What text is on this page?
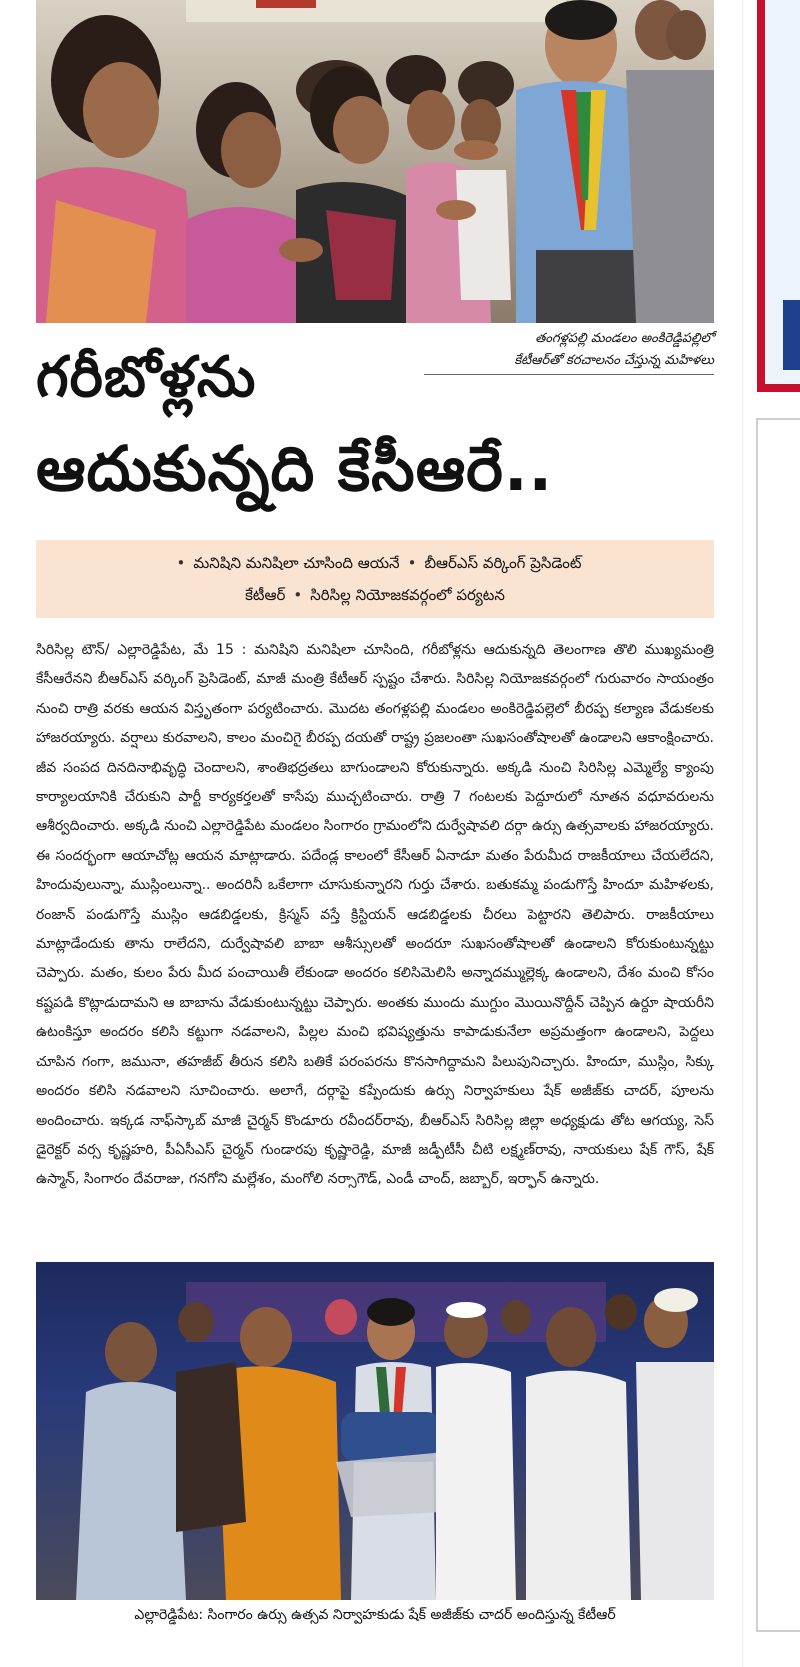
తంగళ్లపల్లి మండలం అంకిరెడ్డిపల్లిలో
కేటీఆర్‌తో కరచాలనం చేస్తున్న మహిళలు
గరీబోళ్లను
ఆదుకున్నది కేసీఆరే..
• మనిషిని మనిషిలా చూసింది ఆయనే • బీఆర్‌ఎస్‌ వర్కింగ్‌ ప్రెసిడెంట్‌
కేటీఆర్‌ • సిరిసిల్ల నియోజకవర్గంలో పర్యటన
సిరిసిల్ల టౌన్‌/ ఎల్లారెడ్డిపేట, మే 15 : మనిషిని మనిషిలా చూసింది, గరీబోళ్లను ఆదుకున్నది తెలంగాణ తొలి ముఖ్యమంత్రి కేసీఆరేనని బీఆర్‌ఎస్‌ వర్కింగ్‌ ప్రెసిడెంట్‌, మాజీ మంత్రి కేటీఆర్‌ స్పష్టం చేశారు. సిరిసిల్ల నియోజకవర్గంలో గురువారం సాయంత్రం నుంచి రాత్రి వరకు ఆయన విస్తృతంగా పర్యటించారు. మొదట తంగళ్లపల్లి మండలం అంకిరెడ్డిపల్లెలో బీరప్ప కల్యాణ వేడుకలకు హాజరయ్యారు. వర్షాలు కురవాలని, కాలం మంచిగై బీరప్ప దయతో రాష్ట్ర ప్రజలంతా సుఖసంతోషాలతో ఉండాలని ఆకాంక్షించారు. జీవ సంపద దినదినాభివృద్ధి చెందాలని, శాంతిభద్రతలు బాగుండాలని కోరుకున్నారు. అక్కడి నుంచి సిరిసిల్ల ఎమ్మెల్యే క్యాంపు కార్యాలయానికి చేరుకుని పార్టీ కార్యకర్తలతో కాసేపు ముచ్చటించారు. రాత్రి 7 గంటలకు పెద్దూరులో నూతన వధూవరులను ఆశీర్వదించారు. అక్కడి నుంచి ఎల్లారెడ్డిపేట మండలం సింగారం గ్రామంలోని దుర్వేషావలి దర్గా ఉర్సు ఉత్సవాలకు హాజరయ్యారు. ఈ సందర్భంగా ఆయాచోట్ల ఆయన మాట్లాడారు. పదేండ్ల కాలంలో కేసీఆర్‌ ఏనాడూ మతం పేరుమీద రాజకీయాలు చేయలేదని, హిందువులున్నా, ముస్లింలున్నా.. అందరినీ ఒకేలాగా చూసుకున్నారని గుర్తు చేశారు. బతుకమ్మ పండుగొస్తే హిందూ మహిళలకు, రంజాన్‌ పండుగొస్తే ముస్లిం ఆడబిడ్డలకు, క్రిస్మస్‌ వస్తే క్రిస్టియన్‌ ఆడబిడ్డలకు చీరలు పెట్టారని తెలిపారు. రాజకీయాలు మాట్లాడేందుకు తాను రాలేదని, దుర్వేషావలి బాబా ఆశీస్సులతో అందరూ సుఖసంతోషాలతో ఉండాలని కోరుకుంటున్నట్టు చెప్పారు. మతం, కులం పేరు మీద పంచాయితీ లేకుండా అందరం కలిసిమెలిసి అన్నాదమ్ముల్లెక్క ఉండాలని, దేశం మంచి కోసం కష్టపడి కొట్లాడుదామని ఆ బాబాను వేడుకుంటున్నట్టు చెప్పారు. అంతకు ముందు ముగ్దుం మొయినొద్దీన్‌ చెప్పిన ఉర్దూ షాయరీని ఉటంకిస్తూ అందరం కలిసి కట్టుగా నడవాలని, పిల్లల మంచి భవిష్యత్తును కాపాడుకునేలా అప్రమత్తంగా ఉండాలని, పెద్దలు చూపిన గంగా, జమునా, తహజీబ్‌ తీరున కలిసి బతికే పరంపరను కొనసాగిద్దామని పిలుపునిచ్చారు. హిందూ, ముస్లిం, సిక్కు అందరం కలిసి నడవాలని సూచించారు. అలాగే, దర్గాపై కప్పేందుకు ఉర్సు నిర్వాహకులు షేక్‌ అజీజ్‌కు చాదర్‌, పూలను అందించారు. ఇక్కడ నాఫ్‌స్కాబ్‌ మాజీ చైర్మన్‌ కొండూరు రవీందర్‌రావు, బీఆర్‌ఎస్‌ సిరిసిల్ల జిల్లా అధ్యక్షుడు తోట ఆగయ్య, సెస్‌ డైరెక్టర్‌ వర్స కృష్ణహరి, పీఏసీఎస్‌ చైర్మన్‌ గుండారపు కృష్ణారెడ్డి, మాజీ జడ్పీటీసీ చీటి లక్ష్మణ్‌రావు, నాయకులు షేక్‌ గౌస్‌, షేక్‌ ఉస్మాన్‌, సింగారం దేవరాజు, గనగోని మల్లేశం, మంగోలి నర్సాగౌడ్‌, ఎండీ చాంద్‌, జబ్బార్‌, ఇర్ఫాన్‌ ఉన్నారు.
ఎల్లారెడ్డిపేట: సింగారం ఉర్సు ఉత్సవ నిర్వాహకుడు షేక్‌ అజీజ్‌కు చాదర్‌ అందిస్తున్న కేటీఆర్‌
